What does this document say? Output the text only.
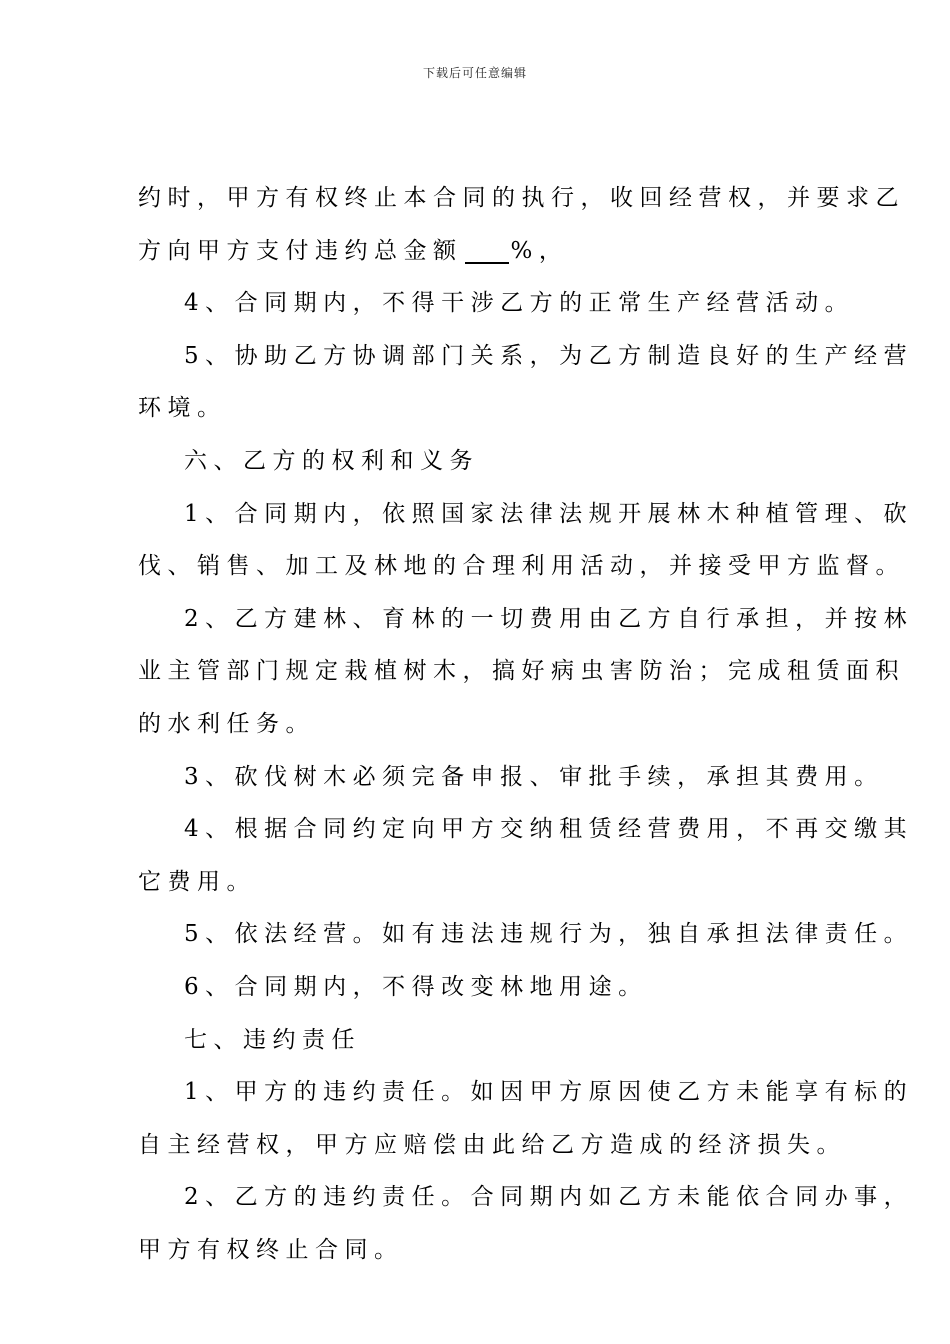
下载后可任意编辑
约时，甲方有权终止本合同的执行，收回经营权，并要求乙
方向甲方支付违约总金额 %，
4、合同期内，不得干涉乙方的正常生产经营活动。
5、协助乙方协调部门关系，为乙方制造良好的生产经营
环境。
六、乙方的权利和义务
1、合同期内，依照国家法律法规开展林木种植管理、砍
伐、销售、加工及林地的合理利用活动，并接受甲方监督。
2、乙方建林、育林的一切费用由乙方自行承担，并按林
业主管部门规定栽植树木，搞好病虫害防治；完成租赁面积
的水利任务。
3、砍伐树木必须完备申报、审批手续，承担其费用。
4、根据合同约定向甲方交纳租赁经营费用，不再交缴其
它费用。
5、依法经营。如有违法违规行为，独自承担法律责任。
6、合同期内，不得改变林地用途。
七、违约责任
1、甲方的违约责任。如因甲方原因使乙方未能享有标的
自主经营权，甲方应赔偿由此给乙方造成的经济损失。
2、乙方的违约责任。合同期内如乙方未能依合同办事，
甲方有权终止合同。
